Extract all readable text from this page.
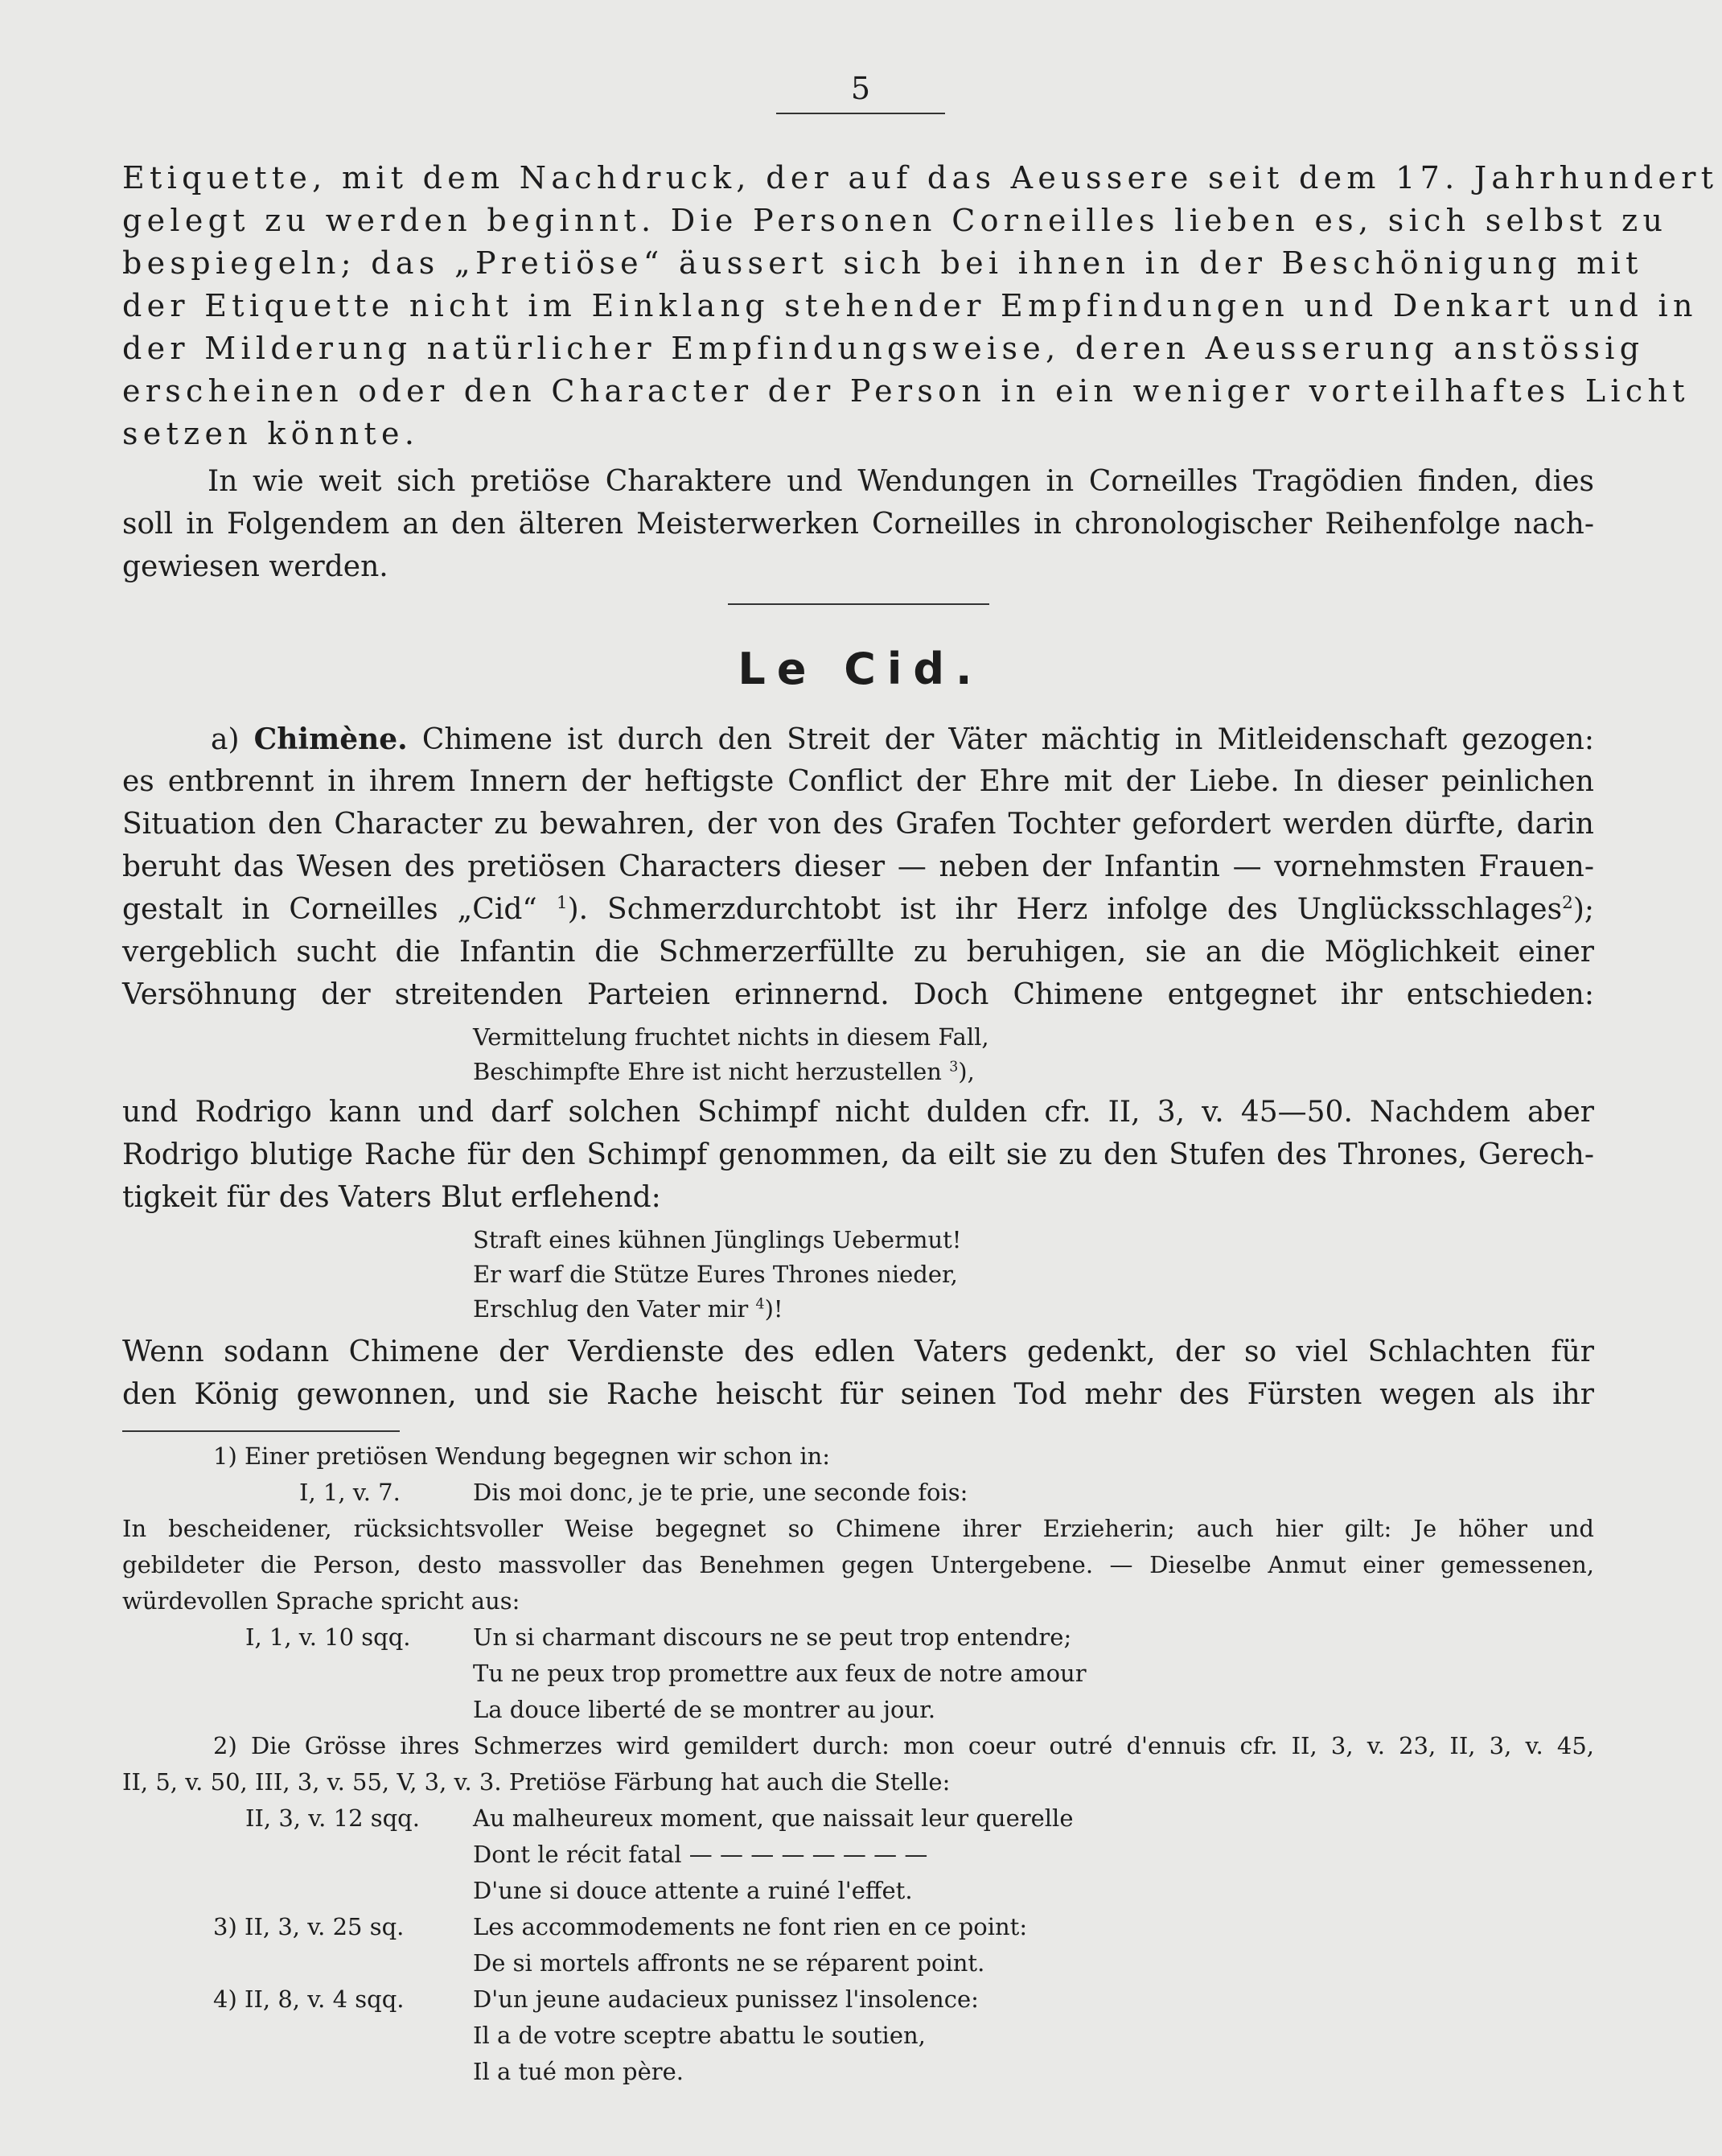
5
Etiquette, mit dem Nachdruck, der auf das Aeussere seit dem 17. Jahrhundert
gelegt zu werden beginnt. Die Personen Corneilles lieben es, sich selbst zu
bespiegeln; das „Pretiöse“ äussert sich bei ihnen in der Beschönigung mit
der Etiquette nicht im Einklang stehender Empfindungen und Denkart und in
der Milderung natürlicher Empfindungsweise, deren Aeusserung anstössig
erscheinen oder den Character der Person in ein weniger vorteilhaftes Licht
setzen könnte.
In wie weit sich pretiöse Charaktere und Wendungen in Corneilles Tragödien finden, dies
soll in Folgendem an den älteren Meisterwerken Corneilles in chronologischer Reihenfolge nach-
gewiesen werden.
Le Cid.
a) Chimène. Chimene ist durch den Streit der Väter mächtig in Mitleidenschaft gezogen:
es entbrennt in ihrem Innern der heftigste Conflict der Ehre mit der Liebe. In dieser peinlichen
Situation den Character zu bewahren, der von des Grafen Tochter gefordert werden dürfte, darin
beruht das Wesen des pretiösen Characters dieser — neben der Infantin — vornehmsten Frauen-
gestalt in Corneilles „Cid“ $^1$). Schmerzdurchtobt ist ihr Herz infolge des Unglücksschlages$^2$);
vergeblich sucht die Infantin die Schmerzerfüllte zu beruhigen, sie an die Möglichkeit einer
Versöhnung der streitenden Parteien erinnernd. Doch Chimene entgegnet ihr entschieden:
Vermittelung fruchtet nichts in diesem Fall,
Beschimpfte Ehre ist nicht herzustellen $^3$),
und Rodrigo kann und darf solchen Schimpf nicht dulden cfr. II, 3, v. 45—50. Nachdem aber
Rodrigo blutige Rache für den Schimpf genommen, da eilt sie zu den Stufen des Thrones, Gerech-
tigkeit für des Vaters Blut erflehend:
Straft eines kühnen Jünglings Uebermut!
Er warf die Stütze Eures Thrones nieder,
Erschlug den Vater mir $^4$)!
Wenn sodann Chimene der Verdienste des edlen Vaters gedenkt, der so viel Schlachten für
den König gewonnen, und sie Rache heischt für seinen Tod mehr des Fürsten wegen als ihr
1) Einer pretiösen Wendung begegnen wir schon in:
I, 1, v. 7.	Dis moi donc, je te prie, une seconde fois:
In bescheidener, rücksichtsvoller Weise begegnet so Chimene ihrer Erzieherin; auch hier gilt: Je höher und
gebildeter die Person, desto massvoller das Benehmen gegen Untergebene. — Dieselbe Anmut einer gemessenen,
würdevollen Sprache spricht aus:
I, 1, v. 10 sqq.	Un si charmant discours ne se peut trop entendre;
Tu ne peux trop promettre aux feux de notre amour
La douce liberté de se montrer au jour.
2) Die Grösse ihres Schmerzes wird gemildert durch: mon coeur outré d'ennuis cfr. II, 3, v. 23, II, 3, v. 45,
II, 5, v. 50, III, 3, v. 55, V, 3, v. 3. Pretiöse Färbung hat auch die Stelle:
II, 3, v. 12 sqq. Au malheureux moment, que naissait leur querelle
Dont le récit fatal — — — — — — — —
D'une si douce attente a ruiné l'effet.
3) II, 3, v. 25 sq.	Les accommodements ne font rien en ce point:
De si mortels affronts ne se réparent point.
4) II, 8, v. 4 sqq.	D'un jeune audacieux punissez l'insolence:
Il a de votre sceptre abattu le soutien,
Il a tué mon père.
